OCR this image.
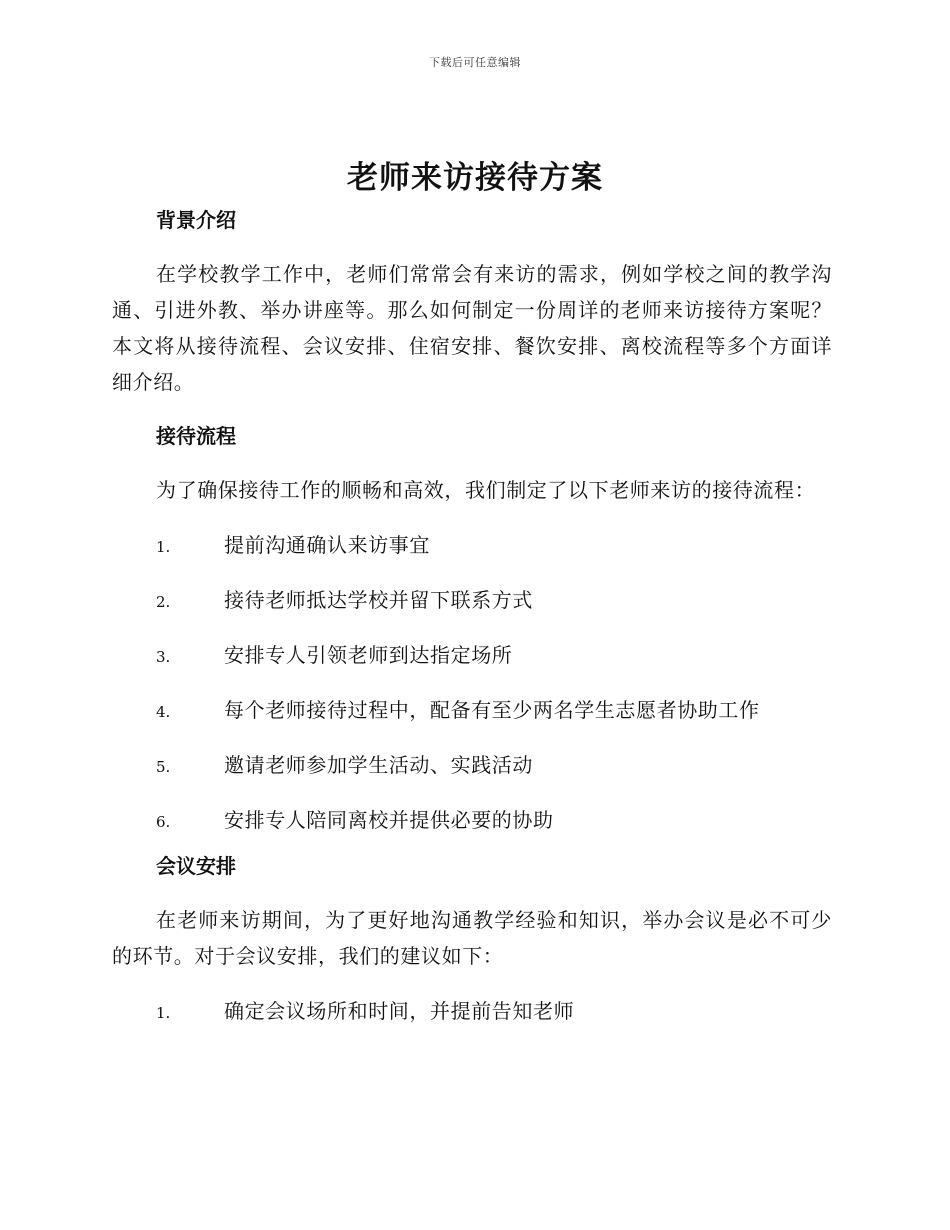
下载后可任意编辑
老师来访接待方案
背景介绍

在学校教学工作中，老师们常常会有来访的需求，例如学校之间的教学沟通、引进外教、举办讲座等。那么如何制定一份周详的老师来访接待方案呢？本文将从接待流程、会议安排、住宿安排、餐饮安排、离校流程等多个方面详细介绍。

接待流程

为了确保接待工作的顺畅和高效，我们制定了以下老师来访的接待流程：

1.	提前沟通确认来访事宜
2.	接待老师抵达学校并留下联系方式
3.	安排专人引领老师到达指定场所
4.	每个老师接待过程中，配备有至少两名学生志愿者协助工作
5.	邀请老师参加学生活动、实践活动
6.	安排专人陪同离校并提供必要的协助
会议安排

在老师来访期间，为了更好地沟通教学经验和知识，举办会议是必不可少的环节。对于会议安排，我们的建议如下：

1.	确定会议场所和时间，并提前告知老师
